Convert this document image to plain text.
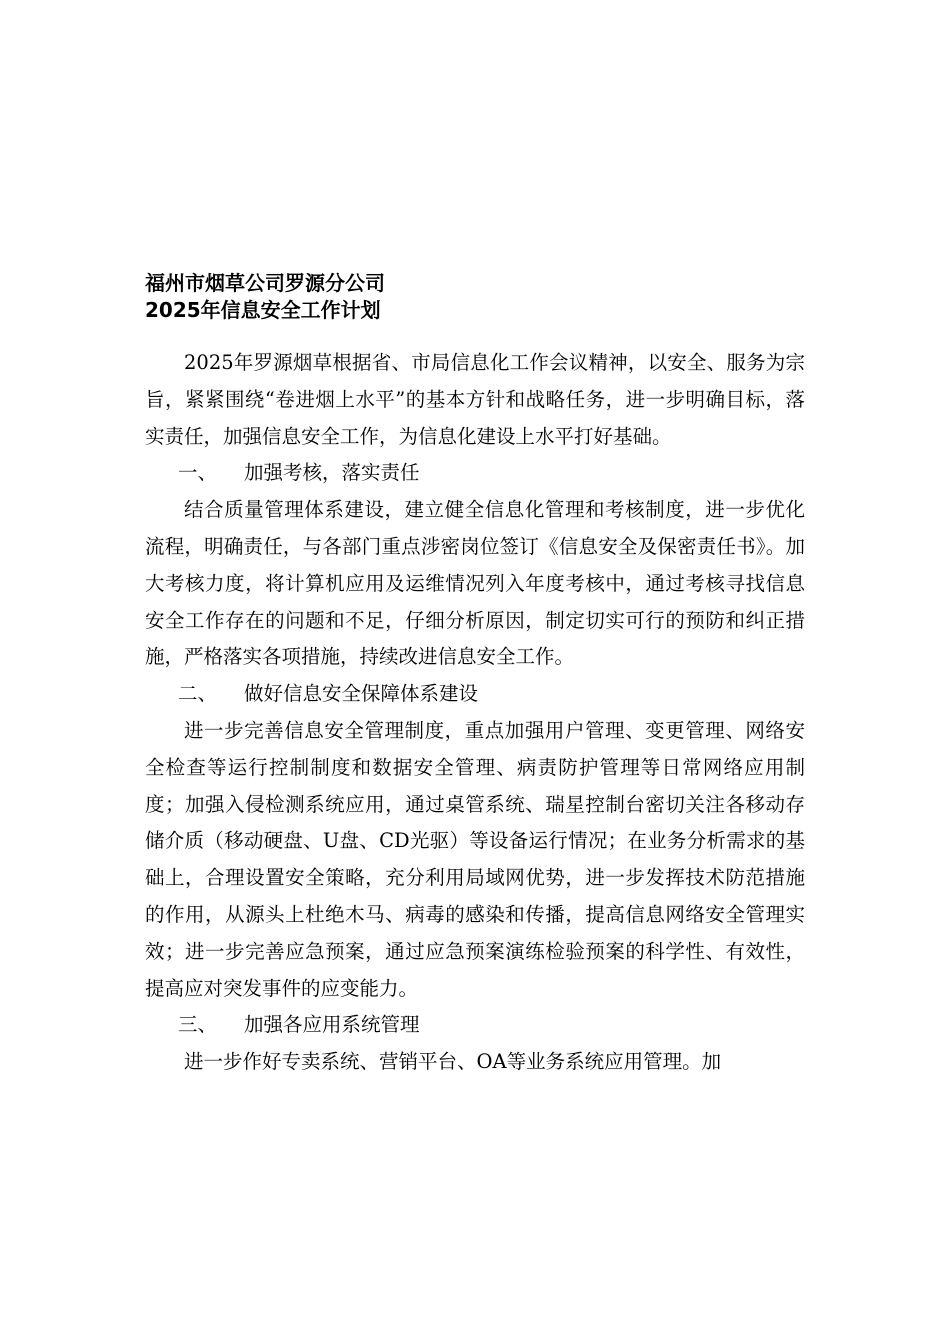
福州市烟草公司罗源分公司
2025年信息安全工作计划

2025年罗源烟草根据省、市局信息化工作会议精神，以安全、服务为宗旨，紧紧围绕“卷进烟上水平”的基本方针和战略任务，进一步明确目标，落实责任，加强信息安全工作，为信息化建设上水平打好基础。

一、 加强考核，落实责任

结合质量管理体系建设，建立健全信息化管理和考核制度，进一步优化流程，明确责任，与各部门重点涉密岗位签订《信息安全及保密责任书》。加大考核力度，将计算机应用及运维情况列入年度考核中，通过考核寻找信息安全工作存在的问题和不足，仔细分析原因，制定切实可行的预防和纠正措施，严格落实各项措施，持续改进信息安全工作。

二、 做好信息安全保障体系建设

进一步完善信息安全管理制度，重点加强用户管理、变更管理、网络安全检查等运行控制制度和数据安全管理、病责防护管理等日常网络应用制度；加强入侵检测系统应用，通过桌管系统、瑞星控制台密切关注各移动存储介质（移动硬盘、U盘、CD光驱）等设备运行情况；在业务分析需求的基础上，合理设置安全策略，充分利用局域网优势，进一步发挥技术防范措施的作用，从源头上杜绝木马、病毒的感染和传播，提高信息网络安全管理实效；进一步完善应急预案，通过应急预案演练检验预案的科学性、有效性，提高应对突发事件的应变能力。

三、 加强各应用系统管理

进一步作好专卖系统、营销平台、OA等业务系统应用管理。加
